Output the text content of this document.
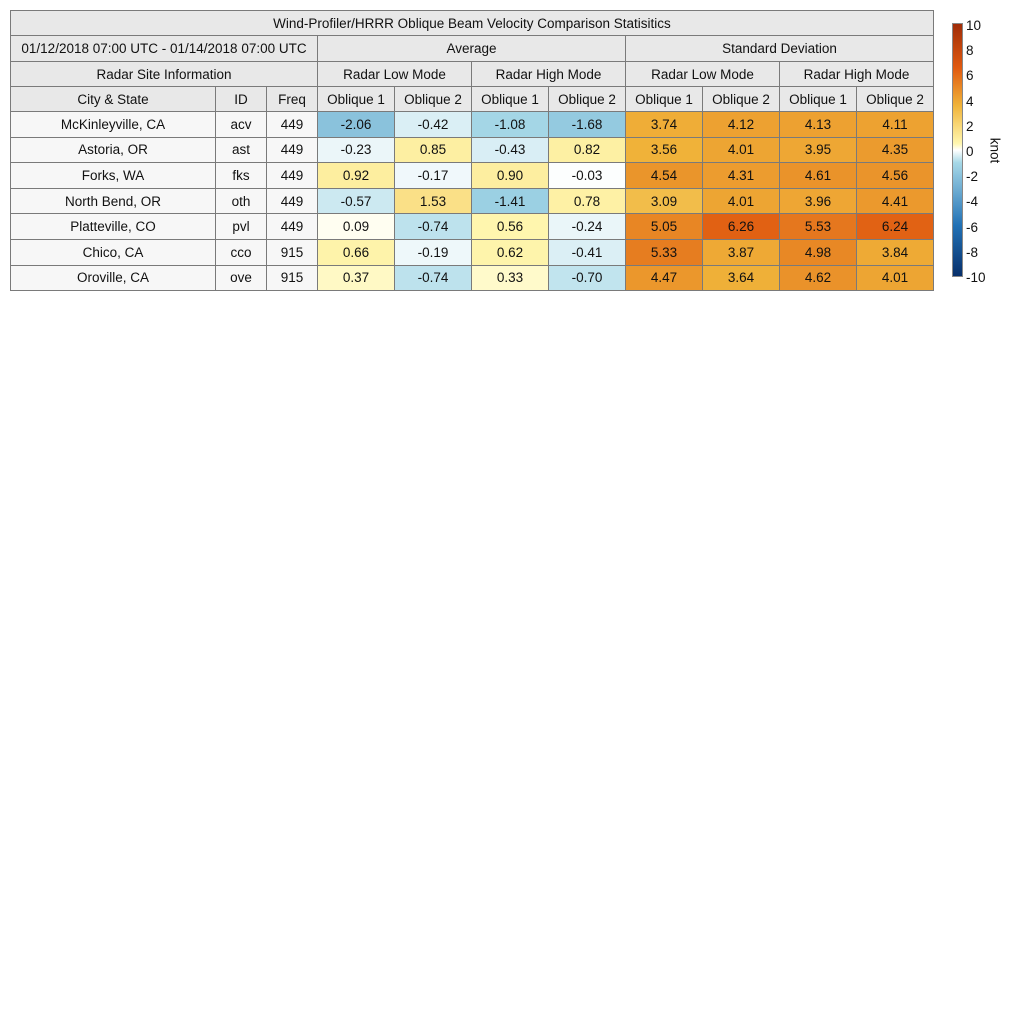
Wind-Profiler/HRRR Oblique Beam Velocity Comparison Statisitics										
01/12/2018 07:00 UTC - 01/14/2018 07:00 UTC			Average				Standard Deviation			
Radar Site Information			Radar Low Mode		Radar High Mode		Radar Low Mode		Radar High Mode	
City & State	ID	Freq	Oblique 1	Oblique 2	Oblique 1	Oblique 2	Oblique 1	Oblique 2	Oblique 1	Oblique 2
McKinleyville, CA	acv	449	-2.06	-0.42	-1.08	-1.68	3.74	4.12	4.13	4.11
Astoria, OR	ast	449	-0.23	0.85	-0.43	0.82	3.56	4.01	3.95	4.35
Forks, WA	fks	449	0.92	-0.17	0.90	-0.03	4.54	4.31	4.61	4.56
North Bend, OR	oth	449	-0.57	1.53	-1.41	0.78	3.09	4.01	3.96	4.41
Platteville, CO	pvl	449	0.09	-0.74	0.56	-0.24	5.05	6.26	5.53	6.24
Chico, CA	cco	915	0.66	-0.19	0.62	-0.41	5.33	3.87	4.98	3.84
Oroville, CA	ove	915	0.37	-0.74	0.33	-0.70	4.47	3.64	4.62	4.01
10
8
6
4
2
0
-2
-4
-6
-8
-10
knot
